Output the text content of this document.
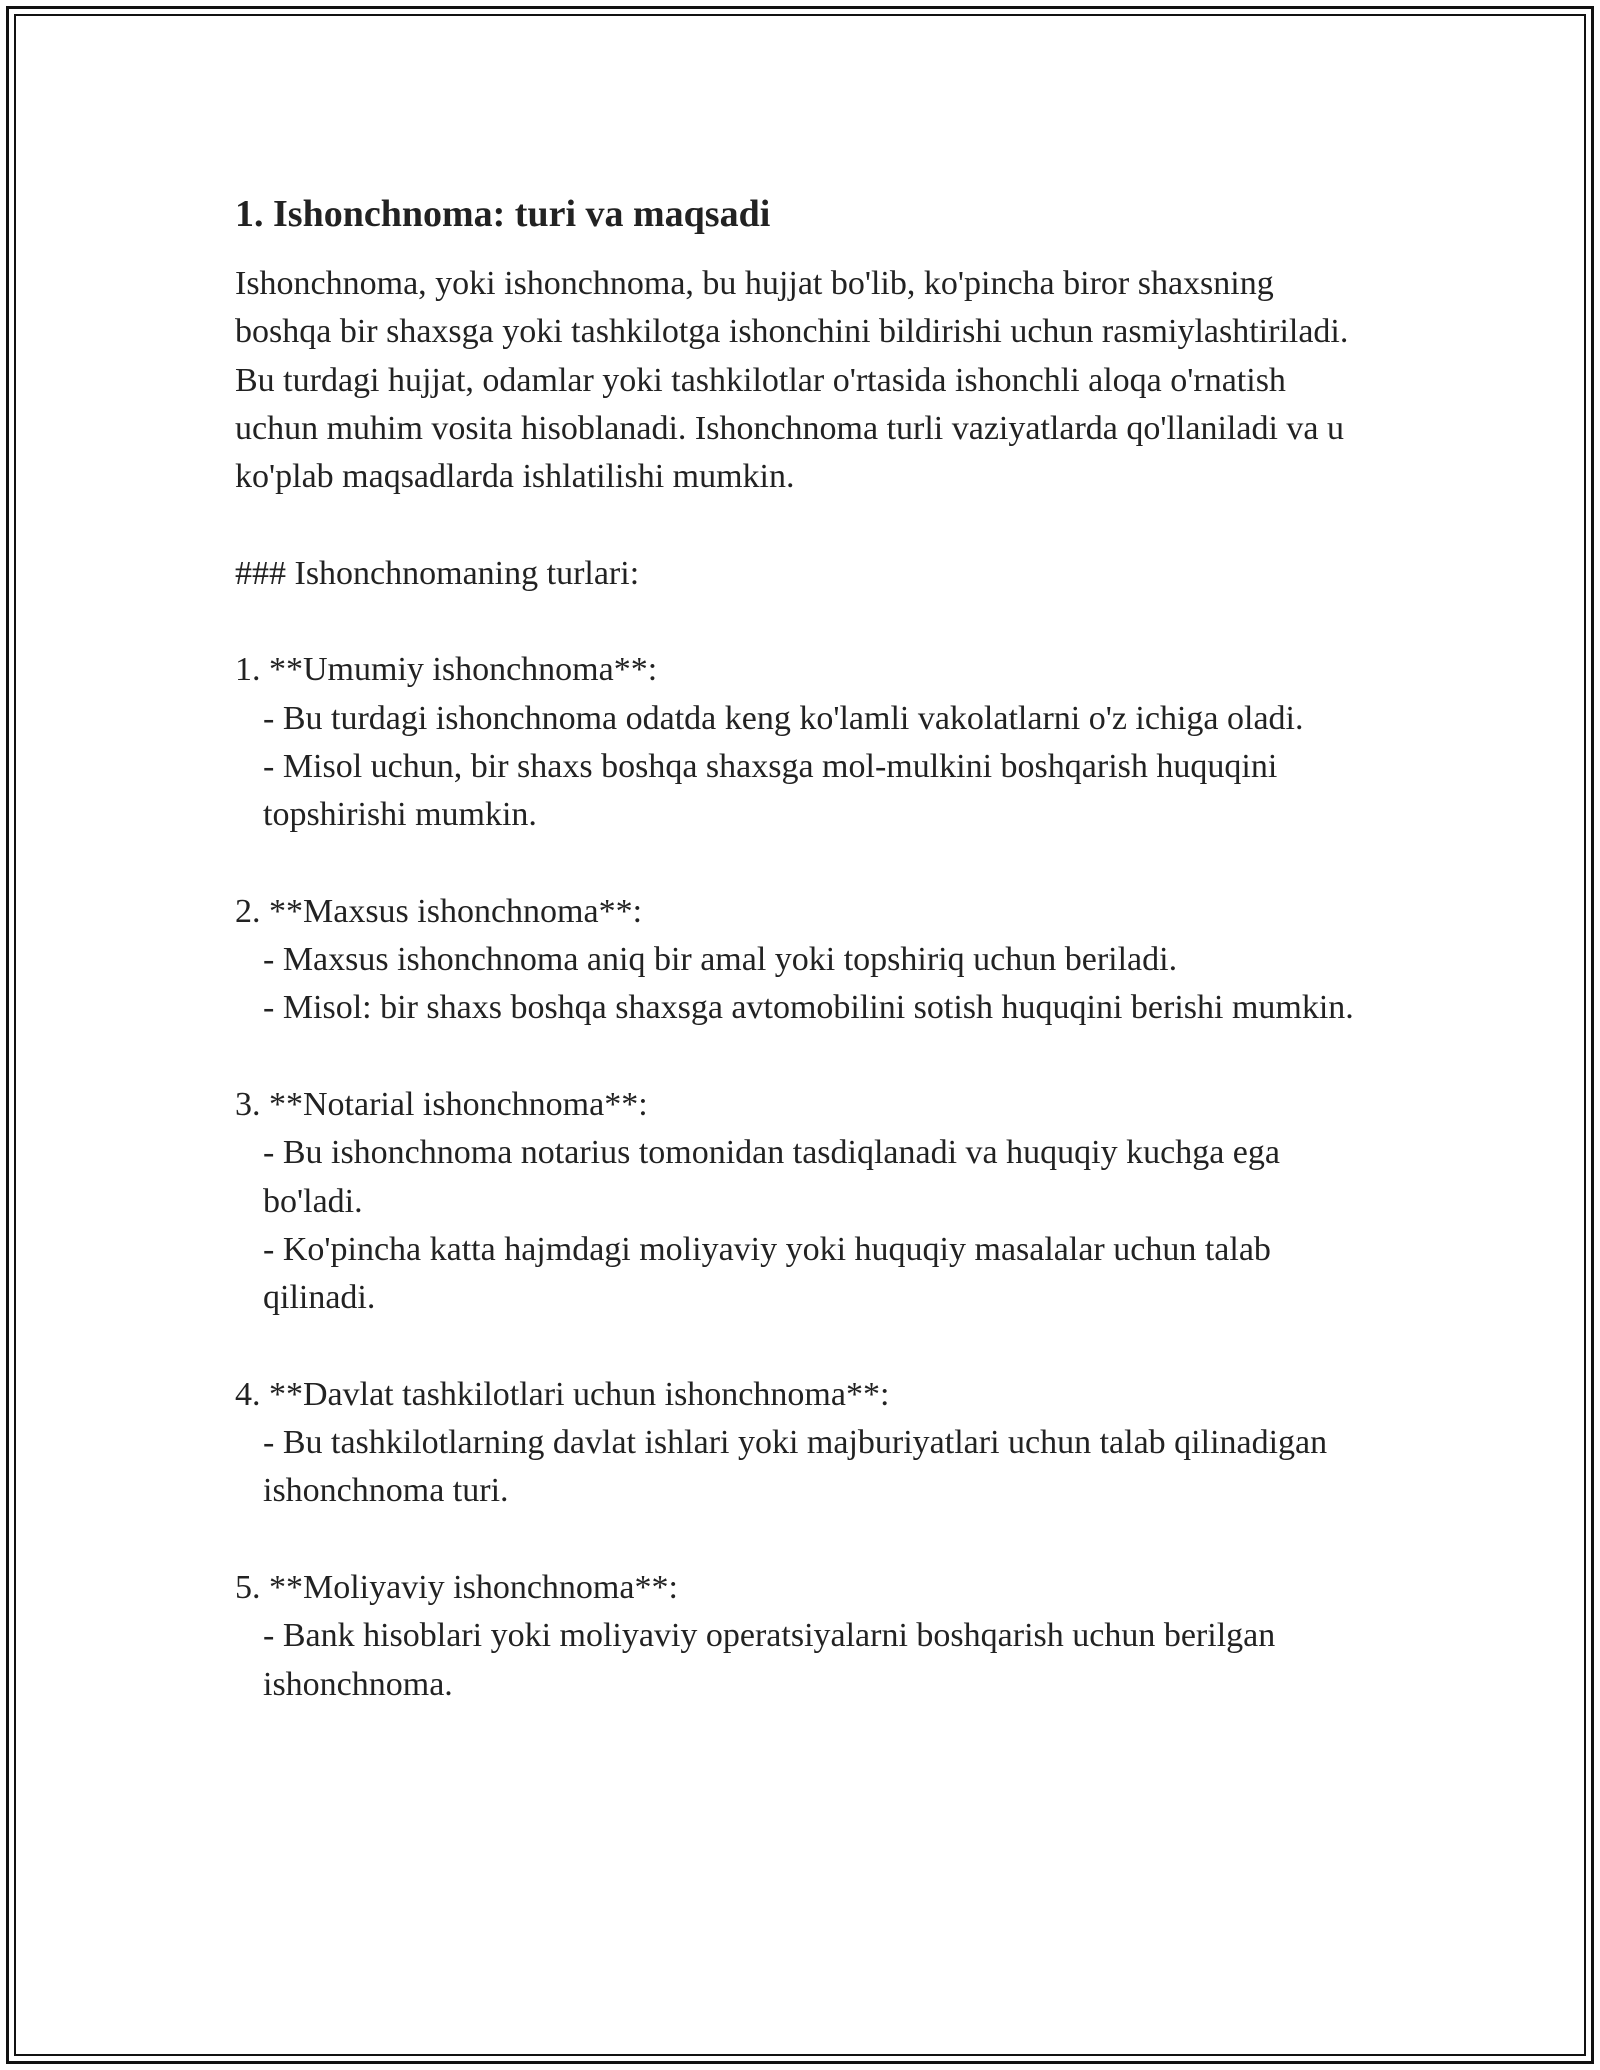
1. Ishonchnoma: turi va maqsadi

Ishonchnoma, yoki ishonchnoma, bu hujjat bo'lib, ko'pincha biror shaxsning boshqa bir shaxsga yoki tashkilotga ishonchini bildirishi uchun rasmiylashtiriladi. Bu turdagi hujjat, odamlar yoki tashkilotlar o'rtasida ishonchli aloqa o'rnatish uchun muhim vosita hisoblanadi. Ishonchnoma turli vaziyatlarda qo'llaniladi va u ko'plab maqsadlarda ishlatilishi mumkin.

### Ishonchnomaning turlari:

1. **Umumiy ishonchnoma**:

- Bu turdagi ishonchnoma odatda keng ko'lamli vakolatlarni o'z ichiga oladi.

- Misol uchun, bir shaxs boshqa shaxsga mol-mulkini boshqarish huquqini topshirishi mumkin.

2. **Maxsus ishonchnoma**:

- Maxsus ishonchnoma aniq bir amal yoki topshiriq uchun beriladi.

- Misol: bir shaxs boshqa shaxsga avtomobilini sotish huquqini berishi mumkin.

3. **Notarial ishonchnoma**:

- Bu ishonchnoma notarius tomonidan tasdiqlanadi va huquqiy kuchga ega bo'ladi.

- Ko'pincha katta hajmdagi moliyaviy yoki huquqiy masalalar uchun talab qilinadi.

4. **Davlat tashkilotlari uchun ishonchnoma**:

- Bu tashkilotlarning davlat ishlari yoki majburiyatlari uchun talab qilinadigan ishonchnoma turi.

5. **Moliyaviy ishonchnoma**:

- Bank hisoblari yoki moliyaviy operatsiyalarni boshqarish uchun berilgan ishonchnoma.
